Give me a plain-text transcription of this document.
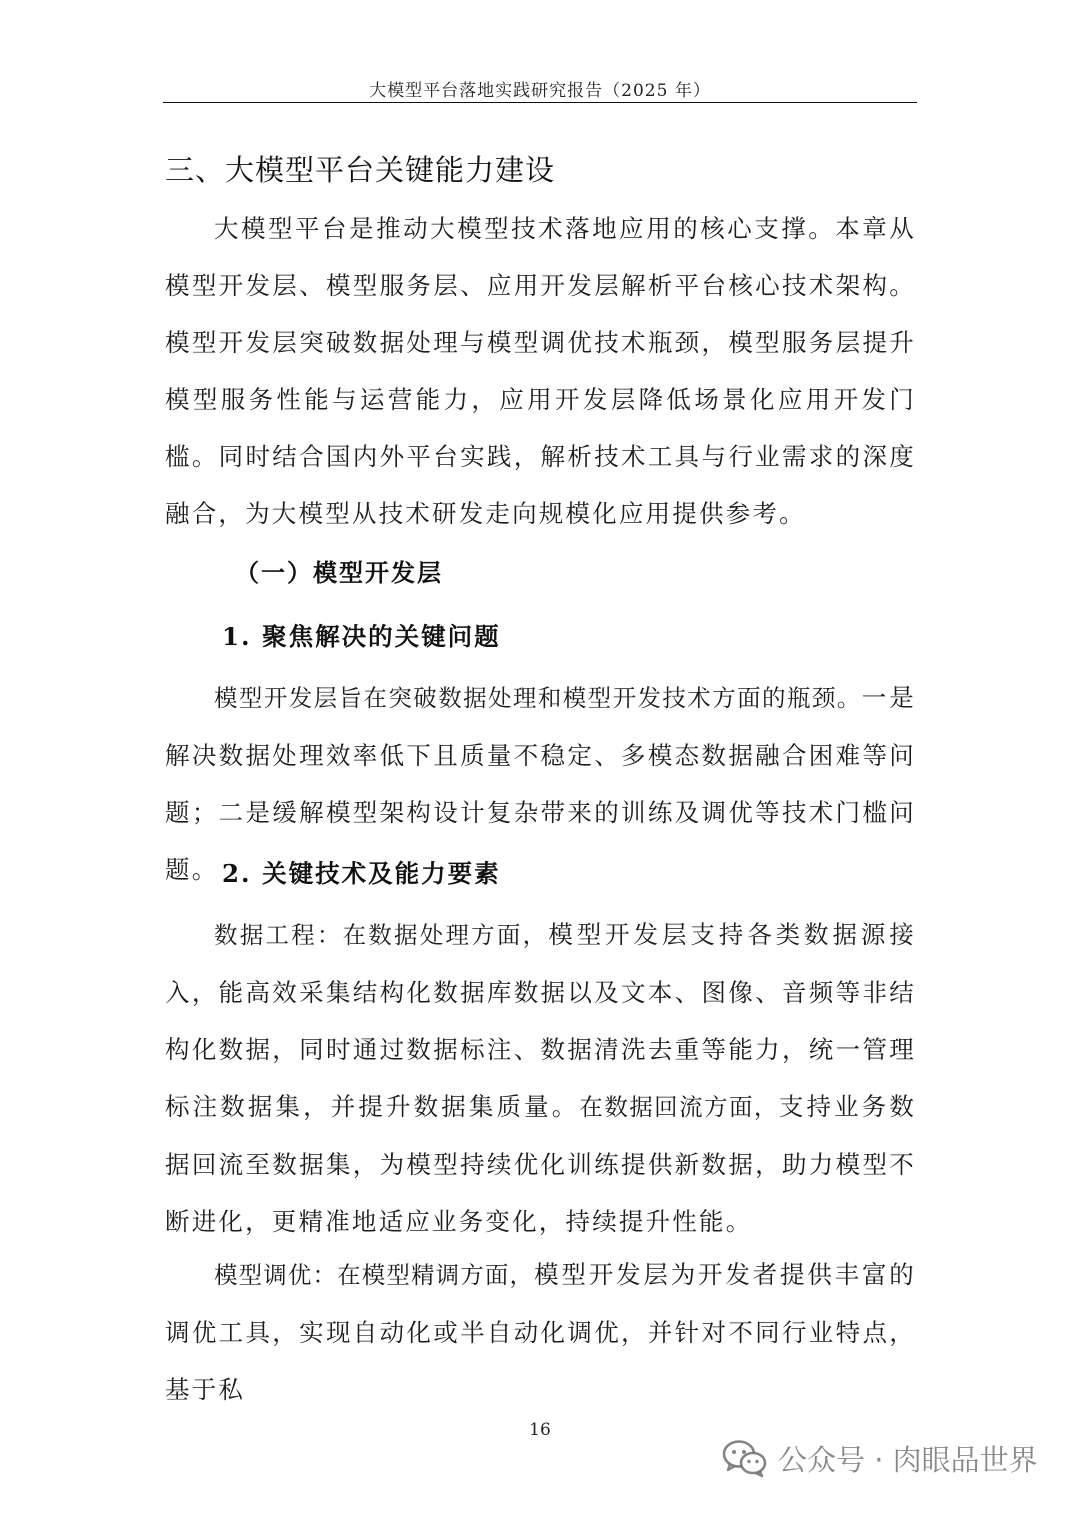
大模型平台落地实践研究报告（2025 年）
三、大模型平台关键能力建设

大模型平台是推动大模型技术落地应用的核心支撑。本章从模型开发层、模型服务层、应用开发层解析平台核心技术架构。模型开发层突破数据处理与模型调优技术瓶颈，模型服务层提升模型服务性能与运营能力，应用开发层降低场景化应用开发门槛。同时结合国内外平台实践，解析技术工具与行业需求的深度融合，为大模型从技术研发走向规模化应用提供参考。

（一）模型开发层
1. 聚焦解决的关键问题

模型开发层旨在突破数据处理和模型开发技术方面的瓶颈。一是解决数据处理效率低下且质量不稳定、多模态数据融合困难等问题；二是缓解模型架构设计复杂带来的训练及调优等技术门槛问题。 2. 关键技术及能力要素

数据工程：在数据处理方面，模型开发层支持各类数据源接入，能高效采集结构化数据库数据以及文本、图像、音频等非结构化数据，同时通过数据标注、数据清洗去重等能力，统一管理标注数据集，并提升数据集质量。在数据回流方面，支持业务数据回流至数据集，为模型持续优化训练提供新数据，助力模型不断进化，更精准地适应业务变化，持续提升性能。

模型调优：在模型精调方面，模型开发层为开发者提供丰富的调优工具，实现自动化或半自动化调优，并针对不同行业特点，基于私

16
公众号 · 肉眼品世界
